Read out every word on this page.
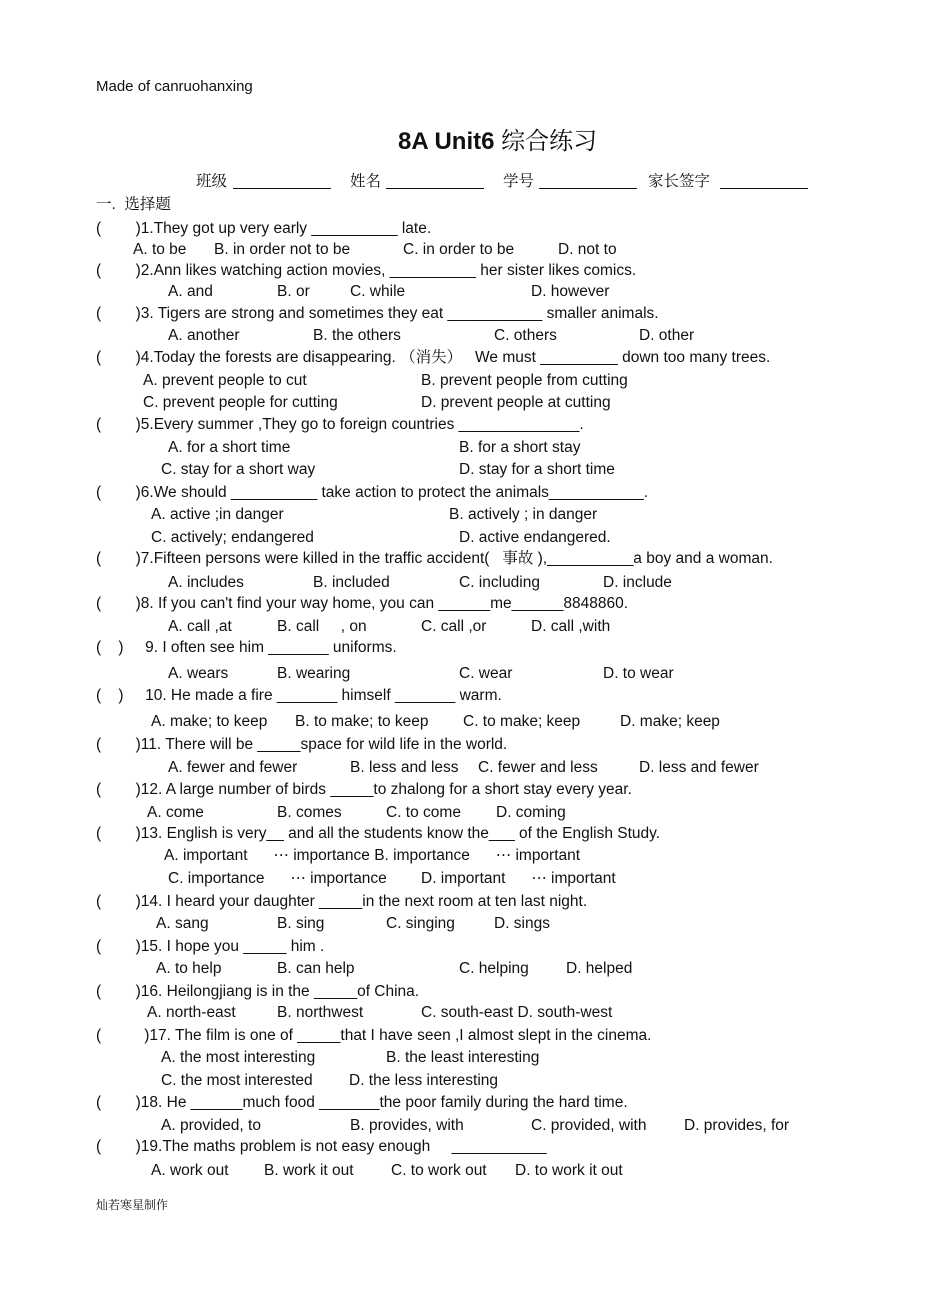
Made of canruohanxing
8A Unit6 综合练习
班级	姓名	学号	家长签字
一.  选择题
(        )1.They got up very early __________ late.
A. to be B. in order not to be	C. in order to be	D. not to
(        )2.Ann likes watching action movies, __________ her sister likes comics.
A. and	B. or	C. while	D. however
(        )3. Tigers are strong and sometimes they eat ___________ smaller animals.
A. another	B. the others	C. others	D. other
(        )4.Today the forests are disappearing. （消失）   We must _________ down too many trees.
A. prevent people to cut	B. prevent people from cutting
C. prevent people for cutting	D. prevent people at cutting
(        )5.Every summer ,They go to foreign countries ______________.
A. for a short time	B. for a short stay
C. stay for a short way	D. stay for a short time
(        )6.We should __________ take action to protect the animals___________.
A. active ;in danger	B. actively ; in danger
C. actively; endangered	D. active endangered.
(        )7.Fifteen persons were killed in the traffic accident(   事故 ),__________a boy and a woman.
A. includes	B. included	C. including	D. include
(        )8. If you can't find your way home, you can ______me______8848860.
A. call ,at	B. call     , on	C. call ,or	D. call ,with
(    )     9. I often see him _______ uniforms.
A. wears	B. wearing	C. wear	D. to wear
(    )     10. He made a fire _______ himself _______ warm.
A. make; to keep B. to make; to keep C. to make; keep	D. make; keep
(        )11. There will be _____space for wild life in the world.
A. fewer and fewer	B. less and less C. fewer and less	D. less and fewer
(        )12. A large number of birds _____to zhalong for a short stay every year.
A. come	B. comes	C. to come D. coming
(        )13. English is very__ and all the students know the___ of the English Study.
A. important      ⋯ importance B. importance      ⋯ important
C. importance      ⋯ importance D. important      ⋯ important
(        )14. I heard your daughter _____in the next room at ten last night.
A. sang	B. sing	C. singing	D. sings
(        )15. I hope you _____ him .
A. to help	B. can help	C. helping D. helped
(        )16. Heilongjiang is in the _____of China.
A. north-east	B. northwest	C. south-east D. south-west
(          )17. The film is one of _____that I have seen ,I almost slept in the cinema.
A. the most interesting	B. the least interesting
C. the most interested D. the less interesting
(        )18. He ______much food _______the poor family during the hard time.
A. provided, to	B. provides, with	C. provided, with D. provides, for
(        )19.The maths problem is not easy enough     ___________
A. work out B. work it out C. to work out D. to work it out
灿若寒星制作
